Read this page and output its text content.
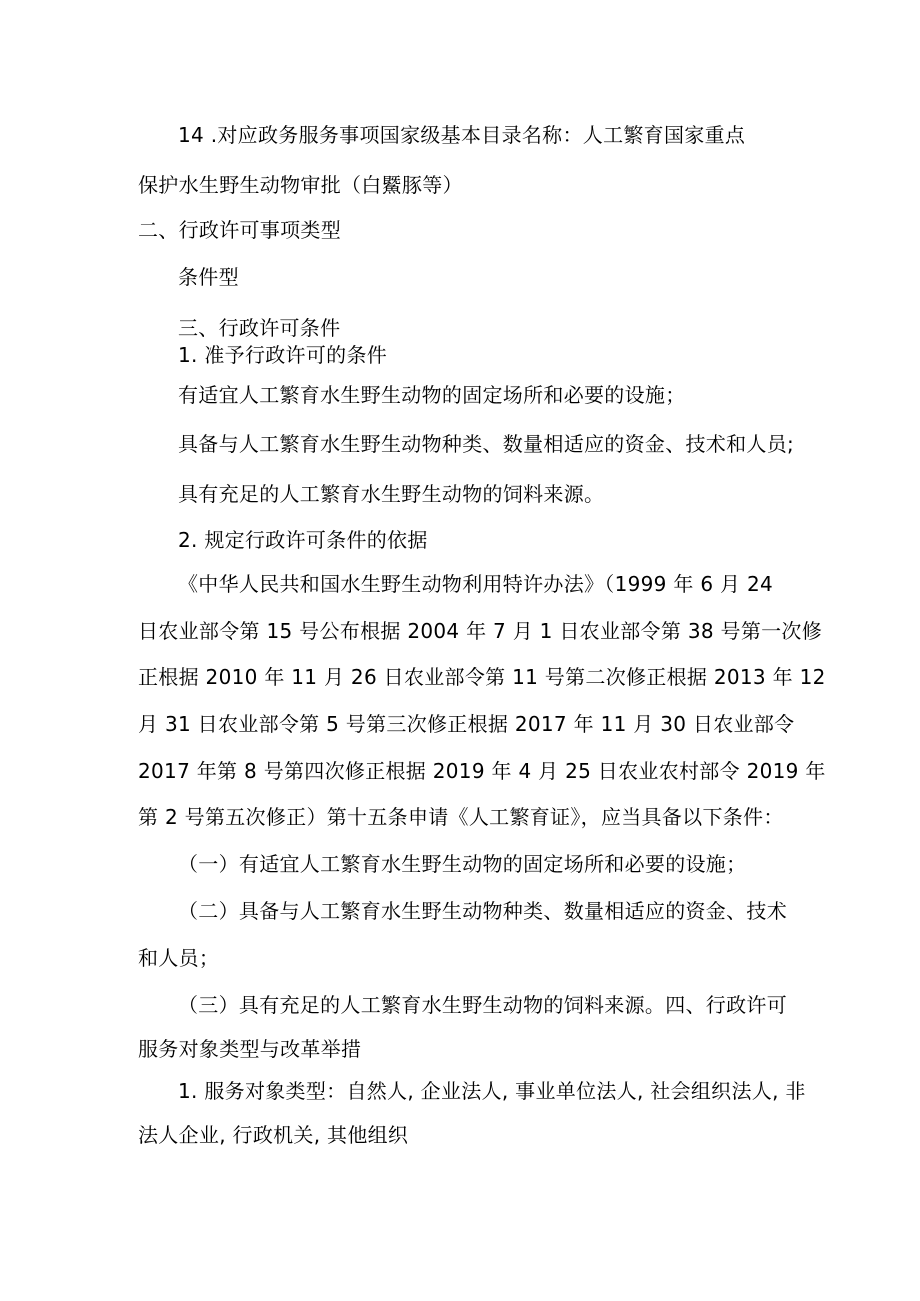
14 .对应政务服务事项国家级基本目录名称：人工繁育国家重点

保护水生野生动物审批（白鱀豚等）

二、行政许可事项类型

条件型

三、行政许可条件

1. 准予行政许可的条件

有适宜人工繁育水生野生动物的固定场所和必要的设施；

具备与人工繁育水生野生动物种类、数量相适应的资金、技术和人员;

具有充足的人工繁育水生野生动物的饲料来源。

2. 规定行政许可条件的依据

《中华人民共和国水生野生动物利用特许办法》（1999 年 6 月 24

日农业部令第 15 号公布根据 2004 年 7 月 1 日农业部令第 38 号第一次修

正根据 2010 年 11 月 26 日农业部令第 11 号第二次修正根据 2013 年 12

月 31 日农业部令第 5 号第三次修正根据 2017 年 11 月 30 日农业部令

2017 年第 8 号第四次修正根据 2019 年 4 月 25 日农业农村部令 2019 年

第 2 号第五次修正）第十五条申请《人工繁育证》，应当具备以下条件：

（一）有适宜人工繁育水生野生动物的固定场所和必要的设施；

（二）具备与人工繁育水生野生动物种类、数量相适应的资金、技术

和人员；

（三）具有充足的人工繁育水生野生动物的饲料来源。四、行政许可

服务对象类型与改革举措

1. 服务对象类型：自然人, 企业法人, 事业单位法人, 社会组织法人, 非

法人企业, 行政机关, 其他组织
